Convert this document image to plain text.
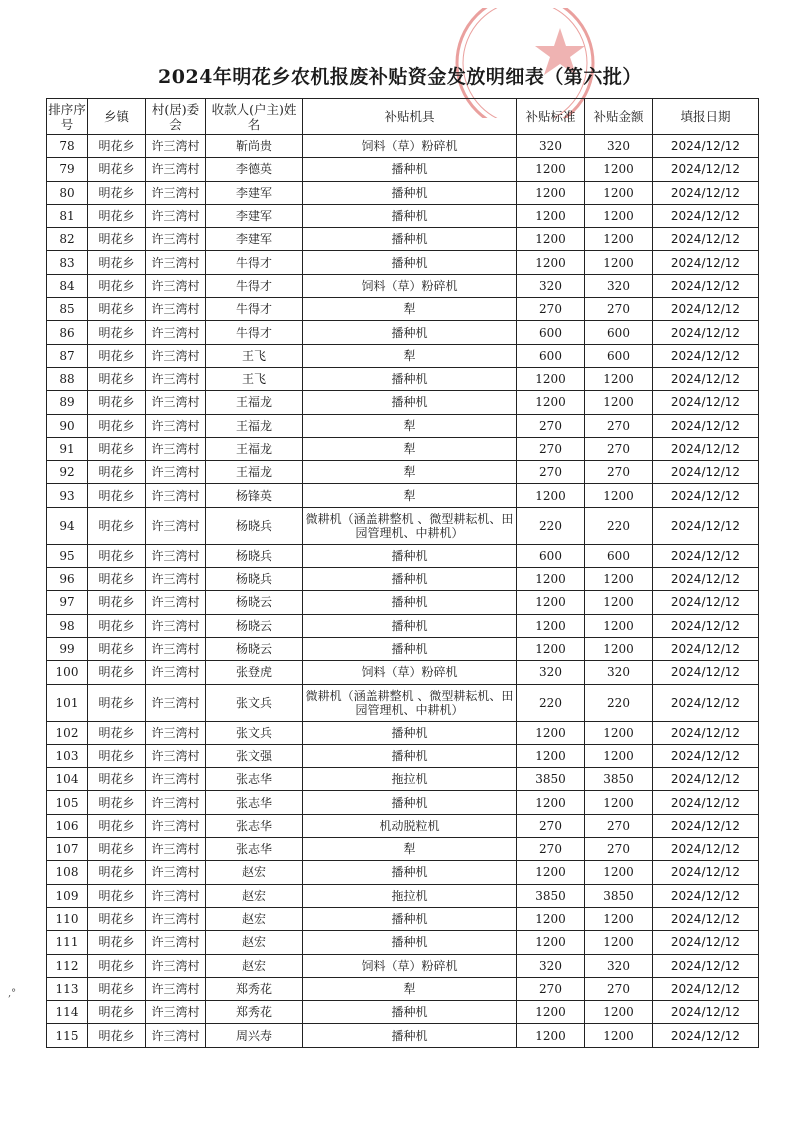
2024年明花乡农机报废补贴资金发放明细表（第六批）
排序序号	乡镇	村(居)委会	收款人(户主)姓名	补贴机具	补贴标准	补贴金额	填报日期
78	明花乡	许三湾村	靳尚贵	饲料（草）粉碎机	320	320	2024/12/12
79	明花乡	许三湾村	李德英	播种机	1200	1200	2024/12/12
80	明花乡	许三湾村	李建军	播种机	1200	1200	2024/12/12
81	明花乡	许三湾村	李建军	播种机	1200	1200	2024/12/12
82	明花乡	许三湾村	李建军	播种机	1200	1200	2024/12/12
83	明花乡	许三湾村	牛得才	播种机	1200	1200	2024/12/12
84	明花乡	许三湾村	牛得才	饲料（草）粉碎机	320	320	2024/12/12
85	明花乡	许三湾村	牛得才	犁	270	270	2024/12/12
86	明花乡	许三湾村	牛得才	播种机	600	600	2024/12/12
87	明花乡	许三湾村	王飞	犁	600	600	2024/12/12
88	明花乡	许三湾村	王飞	播种机	1200	1200	2024/12/12
89	明花乡	许三湾村	王福龙	播种机	1200	1200	2024/12/12
90	明花乡	许三湾村	王福龙	犁	270	270	2024/12/12
91	明花乡	许三湾村	王福龙	犁	270	270	2024/12/12
92	明花乡	许三湾村	王福龙	犁	270	270	2024/12/12
93	明花乡	许三湾村	杨锋英	犁	1200	1200	2024/12/12
94	明花乡	许三湾村	杨晓兵	微耕机（涵盖耕整机 、微型耕耘机、田园管理机、中耕机）	220	220	2024/12/12
95	明花乡	许三湾村	杨晓兵	播种机	600	600	2024/12/12
96	明花乡	许三湾村	杨晓兵	播种机	1200	1200	2024/12/12
97	明花乡	许三湾村	杨晓云	播种机	1200	1200	2024/12/12
98	明花乡	许三湾村	杨晓云	播种机	1200	1200	2024/12/12
99	明花乡	许三湾村	杨晓云	播种机	1200	1200	2024/12/12
100	明花乡	许三湾村	张登虎	饲料（草）粉碎机	320	320	2024/12/12
101	明花乡	许三湾村	张文兵	微耕机（涵盖耕整机 、微型耕耘机、田园管理机、中耕机）	220	220	2024/12/12
102	明花乡	许三湾村	张文兵	播种机	1200	1200	2024/12/12
103	明花乡	许三湾村	张文强	播种机	1200	1200	2024/12/12
104	明花乡	许三湾村	张志华	拖拉机	3850	3850	2024/12/12
105	明花乡	许三湾村	张志华	播种机	1200	1200	2024/12/12
106	明花乡	许三湾村	张志华	机动脱粒机	270	270	2024/12/12
107	明花乡	许三湾村	张志华	犁	270	270	2024/12/12
108	明花乡	许三湾村	赵宏	播种机	1200	1200	2024/12/12
109	明花乡	许三湾村	赵宏	拖拉机	3850	3850	2024/12/12
110	明花乡	许三湾村	赵宏	播种机	1200	1200	2024/12/12
111	明花乡	许三湾村	赵宏	播种机	1200	1200	2024/12/12
112	明花乡	许三湾村	赵宏	饲料（草）粉碎机	320	320	2024/12/12
113	明花乡	许三湾村	郑秀花	犁	270	270	2024/12/12
114	明花乡	许三湾村	郑秀花	播种机	1200	1200	2024/12/12
115	明花乡	许三湾村	周兴寿	播种机	1200	1200	2024/12/12
,°
